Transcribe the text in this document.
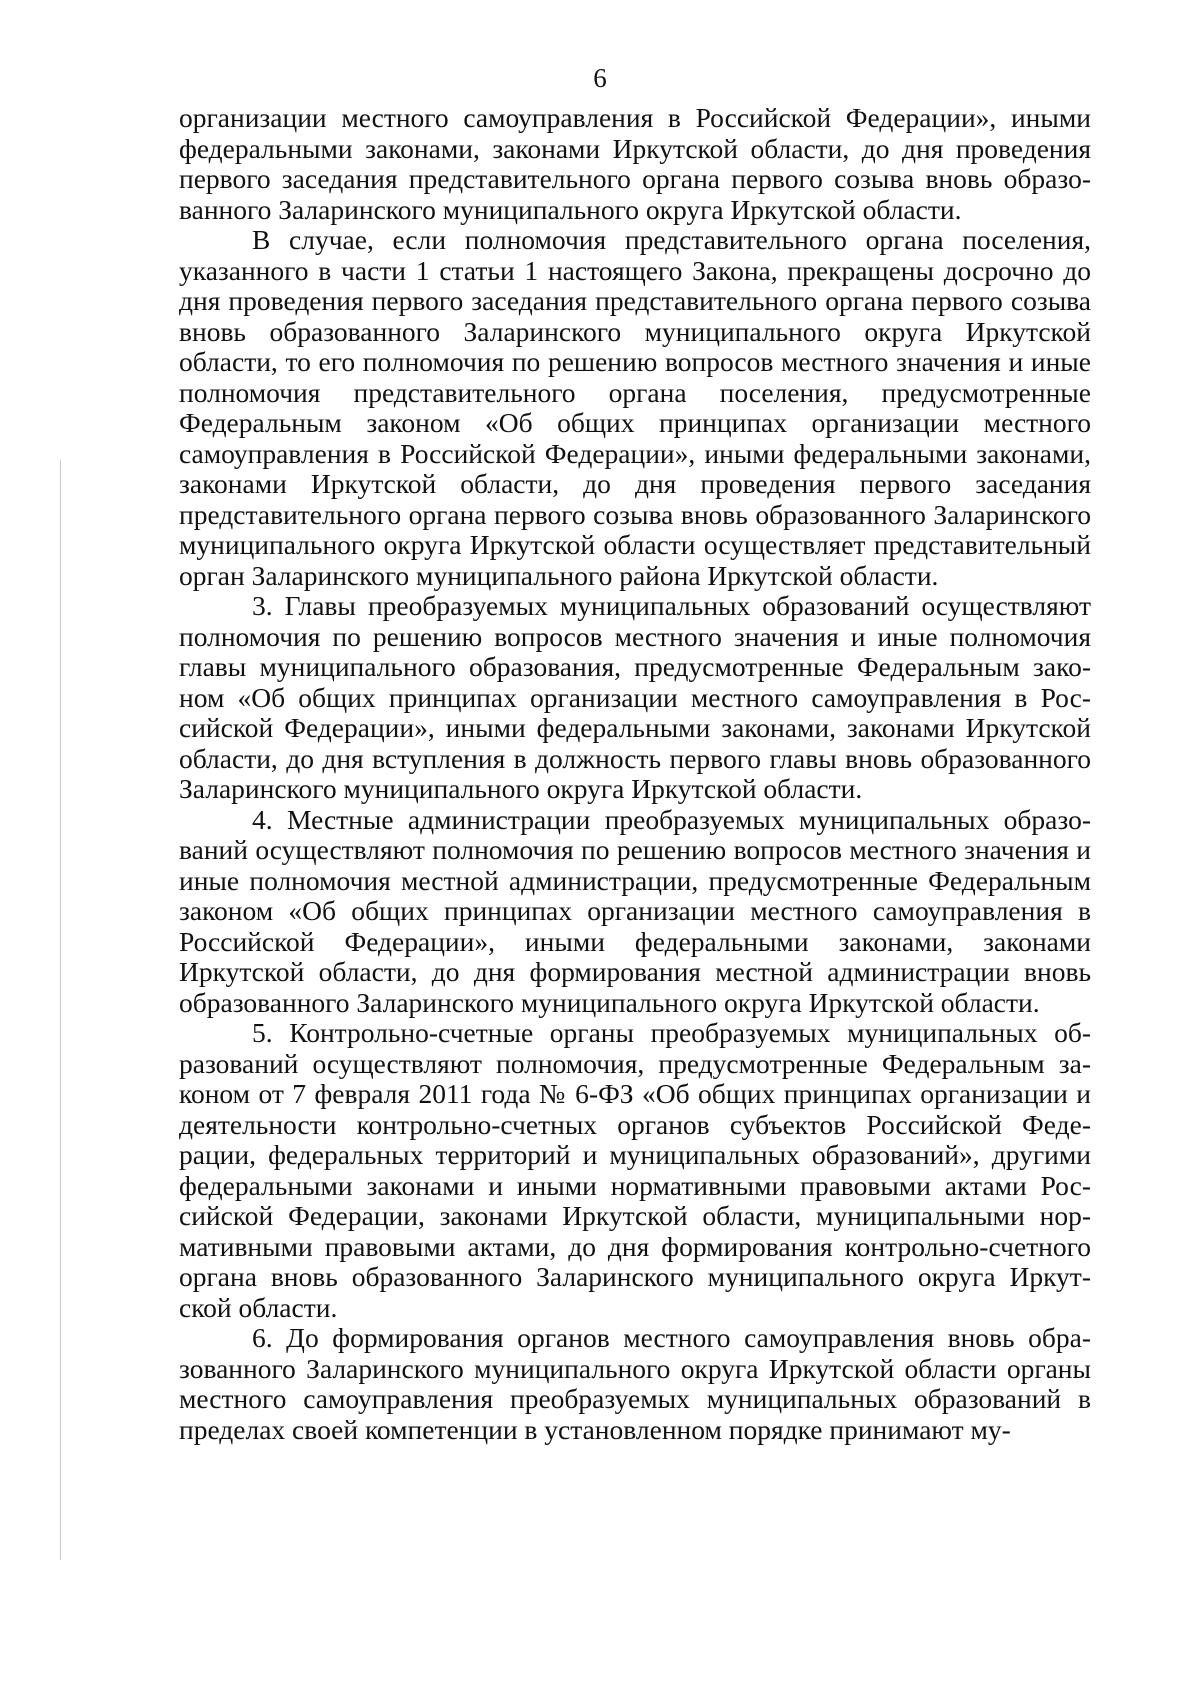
6

организации местного самоуправления в Российской Федерации», иными федеральными законами, законами Иркутской области, до дня проведения первого заседания представительного органа первого созыва вновь образованного Заларинского муниципального округа Иркутской области.

В случае, если полномочия представительного органа поселения, указанного в части 1 статьи 1 настоящего Закона, прекращены досрочно до дня проведения первого заседания представительного органа первого созыва вновь образованного Заларинского муниципального округа Иркутской области, то его полномочия по решению вопросов местного значения и иные полномочия представительного органа поселения, предусмотренные Федеральным законом «Об общих принципах организации местного самоуправления в Российской Федерации», иными федеральными законами, законами Иркутской области, до дня проведения первого заседания представительного органа первого созыва вновь образованного Заларинского муниципального округа Иркутской области осуществляет представительный орган Заларинского муниципального района Иркутской области.

3. Главы преобразуемых муниципальных образований осуществляют полномочия по решению вопросов местного значения и иные полномочия главы муниципального образования, предусмотренные Федеральным законом «Об общих принципах организации местного самоуправления в Российской Федерации», иными федеральными законами, законами Иркутской области, до дня вступления в должность первого главы вновь образованного Заларинского муниципального округа Иркутской области.

4. Местные администрации преобразуемых муниципальных образований осуществляют полномочия по решению вопросов местного значения и иные полномочия местной администрации, предусмотренные Федеральным законом «Об общих принципах организации местного самоуправления в Российской Федерации», иными федеральными законами, законами Иркутской области, до дня формирования местной администрации вновь образованного Заларинского муниципального округа Иркутской области.

5. Контрольно-счетные органы преобразуемых муниципальных образований осуществляют полномочия, предусмотренные Федеральным законом от 7 февраля 2011 года № 6-ФЗ «Об общих принципах организации и деятельности контрольно-счетных органов субъектов Российской Федерации, федеральных территорий и муниципальных образований», другими федеральными законами и иными нормативными правовыми актами Российской Федерации, законами Иркутской области, муниципальными нормативными правовыми актами, до дня формирования контрольно-счетного органа вновь образованного Заларинского муниципального округа Иркутской области.

6. До формирования органов местного самоуправления вновь образованного Заларинского муниципального округа Иркутской области органы местного самоуправления преобразуемых муниципальных образований в пределах своей компетенции в установленном порядке принимают му-
